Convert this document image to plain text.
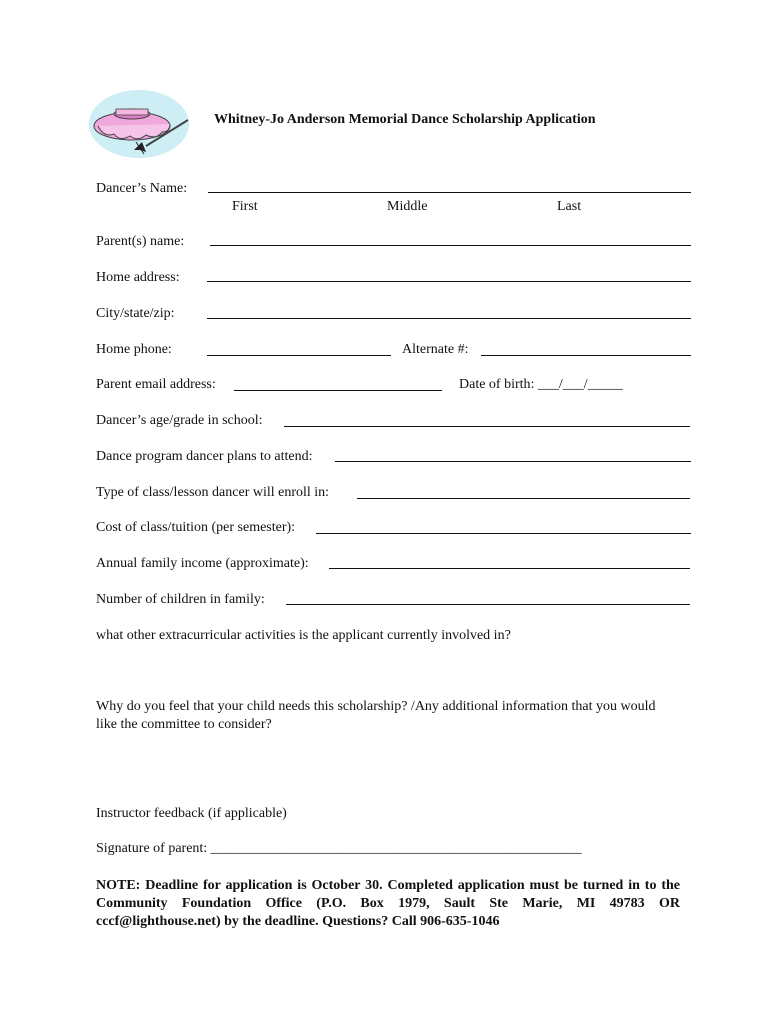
Whitney-Jo Anderson Memorial Dance Scholarship Application
Dancer’s Name:
First	Middle	Last
Parent(s) name:
Home address:
City/state/zip:
Home phone:	Alternate #:
Parent email address:	Date of birth: ___/___/_____
Dancer’s age/grade in school:
Dance program dancer plans to attend:
Type of class/lesson dancer will enroll in:
Cost of class/tuition (per semester):
Annual family income (approximate):
Number of children in family:
what other extracurricular activities is the applicant currently involved in?
Why do you feel that your child needs this scholarship? /Any additional information that you would like the committee to consider?
Instructor feedback (if applicable)
Signature of parent: _____________________________________________________
NOTE: Deadline for application is October 30. Completed application must be turned in to the Community Foundation Office (P.O. Box 1979, Sault Ste Marie, MI 49783 OR cccf@lighthouse.net) by the deadline. Questions? Call 906-635-1046
